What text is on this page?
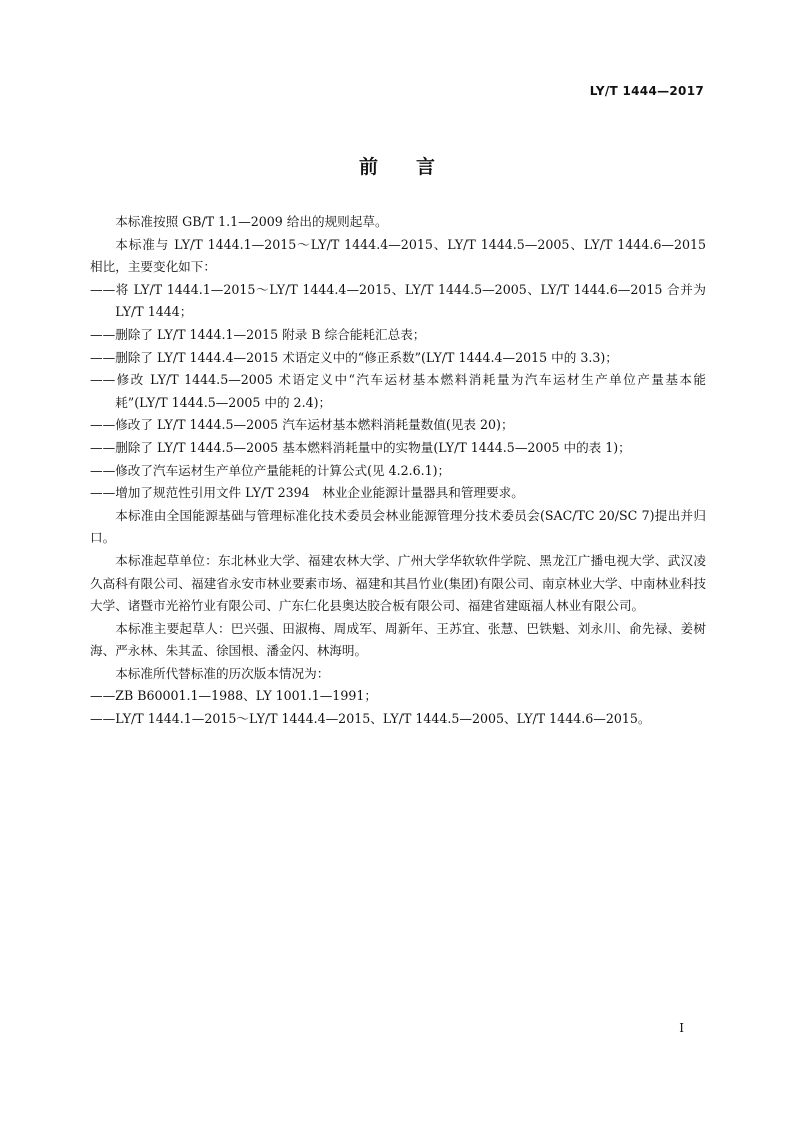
LY/T 1444—2017
前 言
本标准按照 GB/T 1.1—2009 给出的规则起草。
本标准与 LY/T 1444.1—2015～LY/T 1444.4—2015、LY/T 1444.5—2005、LY/T 1444.6—2015 相比，主要变化如下：
——将 LY/T 1444.1—2015～LY/T 1444.4—2015、LY/T 1444.5—2005、LY/T 1444.6—2015 合并为 LY/T 1444；
——删除了 LY/T 1444.1—2015 附录 B 综合能耗汇总表；
——删除了 LY/T 1444.4—2015 术语定义中的“修正系数”(LY/T 1444.4—2015 中的 3.3)；
——修改 LY/T 1444.5—2005 术语定义中“汽车运材基本燃料消耗量为汽车运材生产单位产量基本能耗”(LY/T 1444.5—2005 中的 2.4)；
——修改了 LY/T 1444.5—2005 汽车运材基本燃料消耗量数值(见表 20)；
——删除了 LY/T 1444.5—2005 基本燃料消耗量中的实物量(LY/T 1444.5—2005 中的表 1)；
——修改了汽车运材生产单位产量能耗的计算公式(见 4.2.6.1)；
——增加了规范性引用文件 LY/T 2394　林业企业能源计量器具和管理要求。
本标准由全国能源基础与管理标准化技术委员会林业能源管理分技术委员会(SAC/TC 20/SC 7)提出并归口。
本标准起草单位：东北林业大学、福建农林大学、广州大学华软软件学院、黑龙江广播电视大学、武汉凌久高科有限公司、福建省永安市林业要素市场、福建和其昌竹业(集团)有限公司、南京林业大学、中南林业科技大学、诸暨市光裕竹业有限公司、广东仁化县奥达胶合板有限公司、福建省建瓯福人林业有限公司。
本标准主要起草人：巴兴强、田淑梅、周成军、周新年、王苏宜、张慧、巴铁魁、刘永川、俞先禄、姜树海、严永林、朱其孟、徐国根、潘金闪、林海明。
本标准所代替标准的历次版本情况为：
——ZB B60001.1—1988、LY 1001.1—1991；
——LY/T 1444.1—2015～LY/T 1444.4—2015、LY/T 1444.5—2005、LY/T 1444.6—2015。
I
